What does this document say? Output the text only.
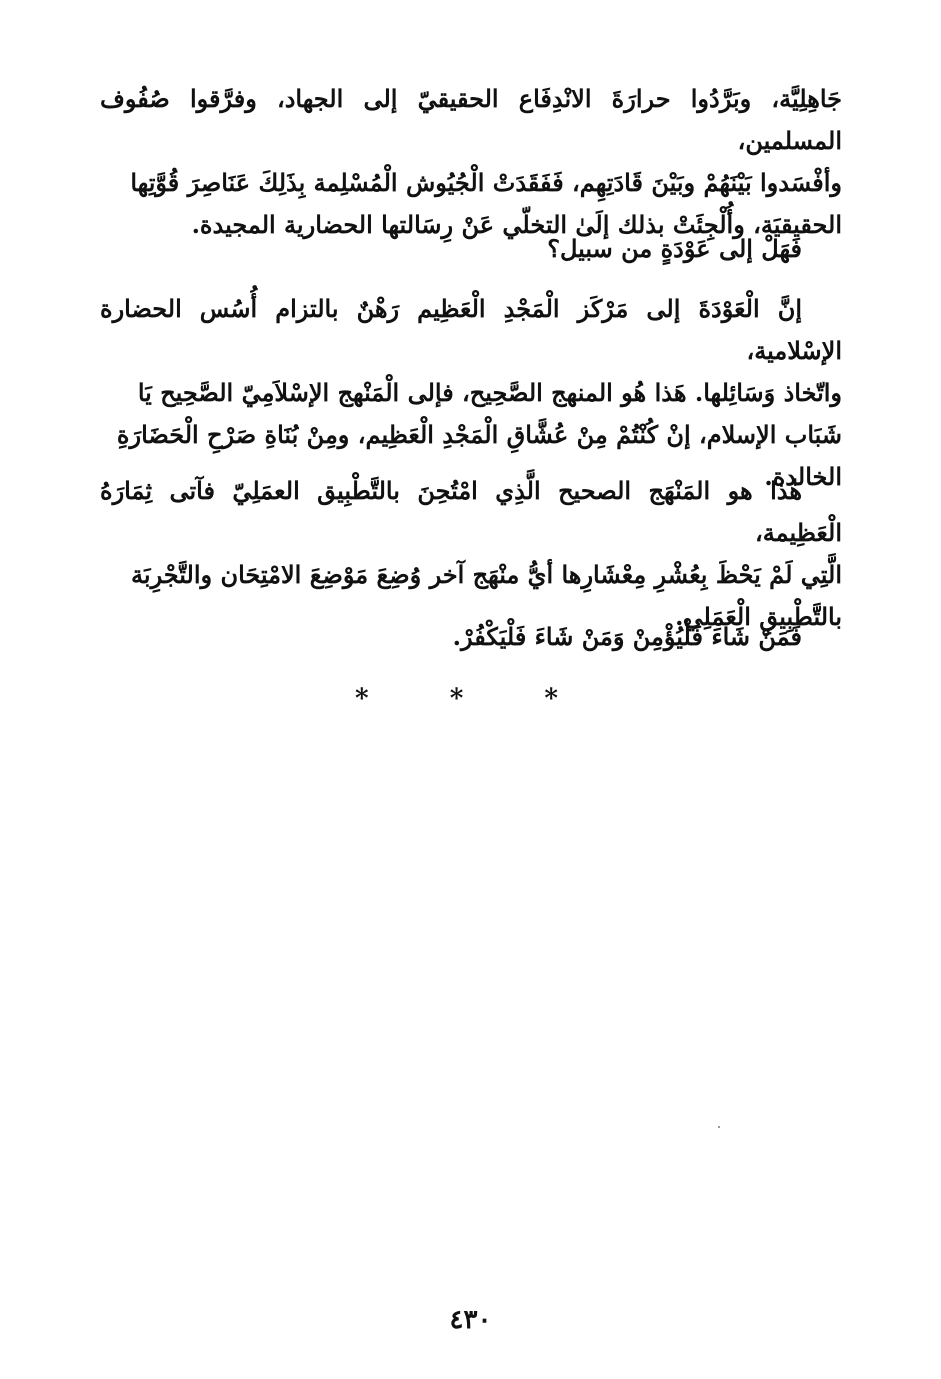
جَاهِلِيَّة، وبَرَّدُوا حرارَةَ الانْدِفَاع الحقيقيّ إلى الجهاد، وفرَّقوا صُفُوف المسلمين،
وأفْسَدوا بَيْنَهُمْ وبَيْنَ قَادَتِهِم، فَفَقَدَتْ الْجُيُوش الْمُسْلِمة بِذَلِكَ عَنَاصِرَ قُوَّتِها
الحقيقيَة، وأُلْجِئَتْ بذلك إلَىٰ التخلّي عَنْ رِسَالتها الحضارية المجيدة.
فَهَلْ إلى عَوْدَةٍ من سبيل؟
إنَّ الْعَوْدَةَ إلى مَرْكَز الْمَجْدِ الْعَظِيم رَهْنٌ بالتزام أُسُس الحضارة الإسْلامية،
واتّخاذ وَسَائِلها. هَذا هُو المنهج الصَّحِيح، فإلى الْمَنْهج الإسْلاَمِيّ الصَّحِيح يَا
شَبَاب الإسلام، إنْ كُنْتُمْ مِنْ عُشَّاقِ الْمَجْدِ الْعَظِيم، ومِنْ بُنَاةِ صَرْحِ الْحَضَارَةِ
الخالدة.
هٰذا هو المَنْهَج الصحيح الَّذِي امْتُحِنَ بالتَّطْبِيق العمَلِيّ فآتى ثِمَارَهُ الْعَظِيمة،
الَّتِي لَمْ يَحْظَ بِعُشْرِ مِعْشَارِها أيُّ منْهَج آخر وُضِعَ مَوْضِعَ الامْتِحَان والتَّجْرِبَة
بالتَّطْبِيقِ الْعَمَلِي.
فَمَنْ شَاءَ فَلْيُؤْمِنْ وَمَنْ شَاءَ فَلْيَكْفُرْ.
* * *
٤٣٠
